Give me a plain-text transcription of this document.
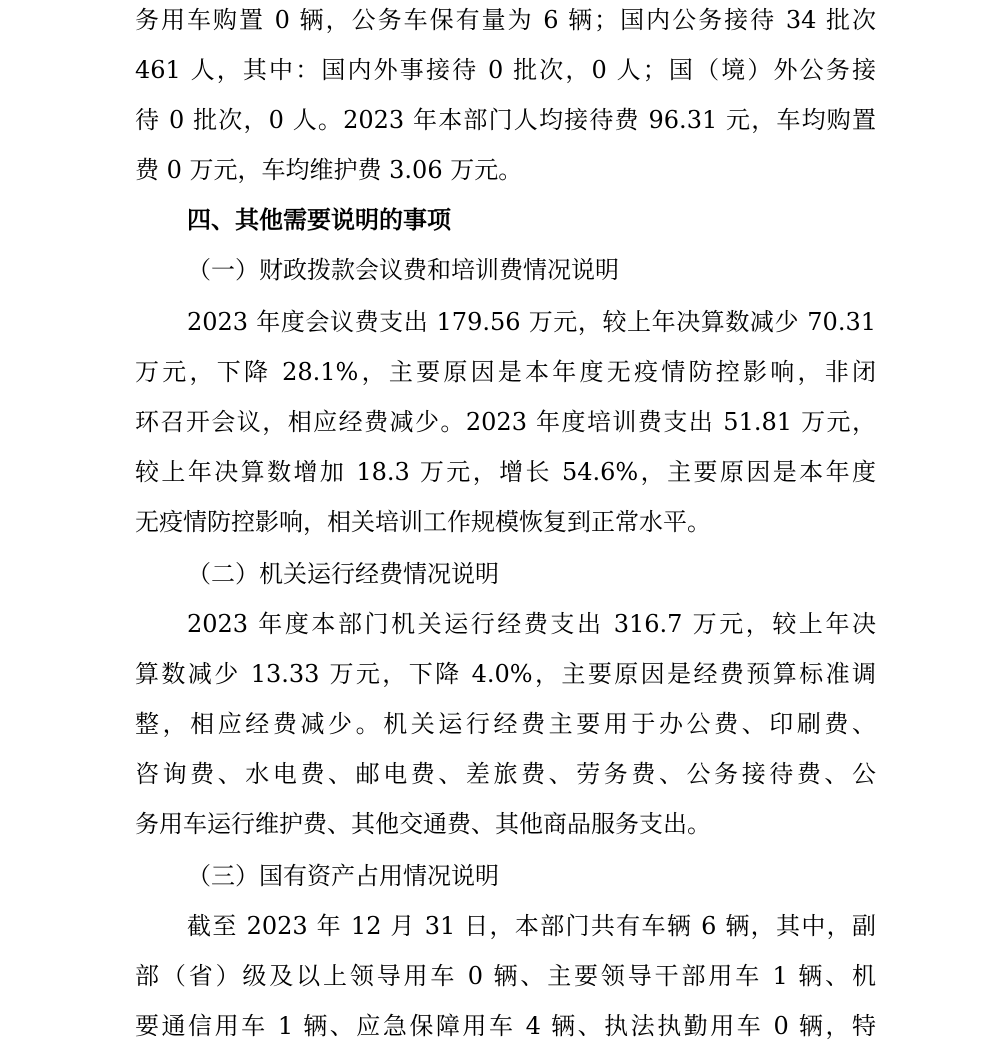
务用车购置 0 辆，公务车保有量为 6 辆；国内公务接待 34 批次
461 人，其中：国内外事接待 0 批次，0 人；国（境）外公务接
待 0 批次，0 人。2023 年本部门人均接待费 96.31 元，车均购置
费 0 万元，车均维护费 3.06 万元。
四、其他需要说明的事项
（一）财政拨款会议费和培训费情况说明
2023 年度会议费支出 179.56 万元，较上年决算数减少 70.31
万元，下降 28.1%，主要原因是本年度无疫情防控影响，非闭
环召开会议，相应经费减少。2023 年度培训费支出 51.81 万元，
较上年决算数增加 18.3 万元，增长 54.6%，主要原因是本年度
无疫情防控影响，相关培训工作规模恢复到正常水平。
（二）机关运行经费情况说明
2023 年度本部门机关运行经费支出 316.7 万元，较上年决
算数减少 13.33 万元，下降 4.0%，主要原因是经费预算标准调
整，相应经费减少。机关运行经费主要用于办公费、印刷费、
咨询费、水电费、邮电费、差旅费、劳务费、公务接待费、公
务用车运行维护费、其他交通费、其他商品服务支出。
（三）国有资产占用情况说明
截至 2023 年 12 月 31 日，本部门共有车辆 6 辆，其中，副
部（省）级及以上领导用车 0 辆、主要领导干部用车 1 辆、机
要通信用车 1 辆、应急保障用车 4 辆、执法执勤用车 0 辆，特
